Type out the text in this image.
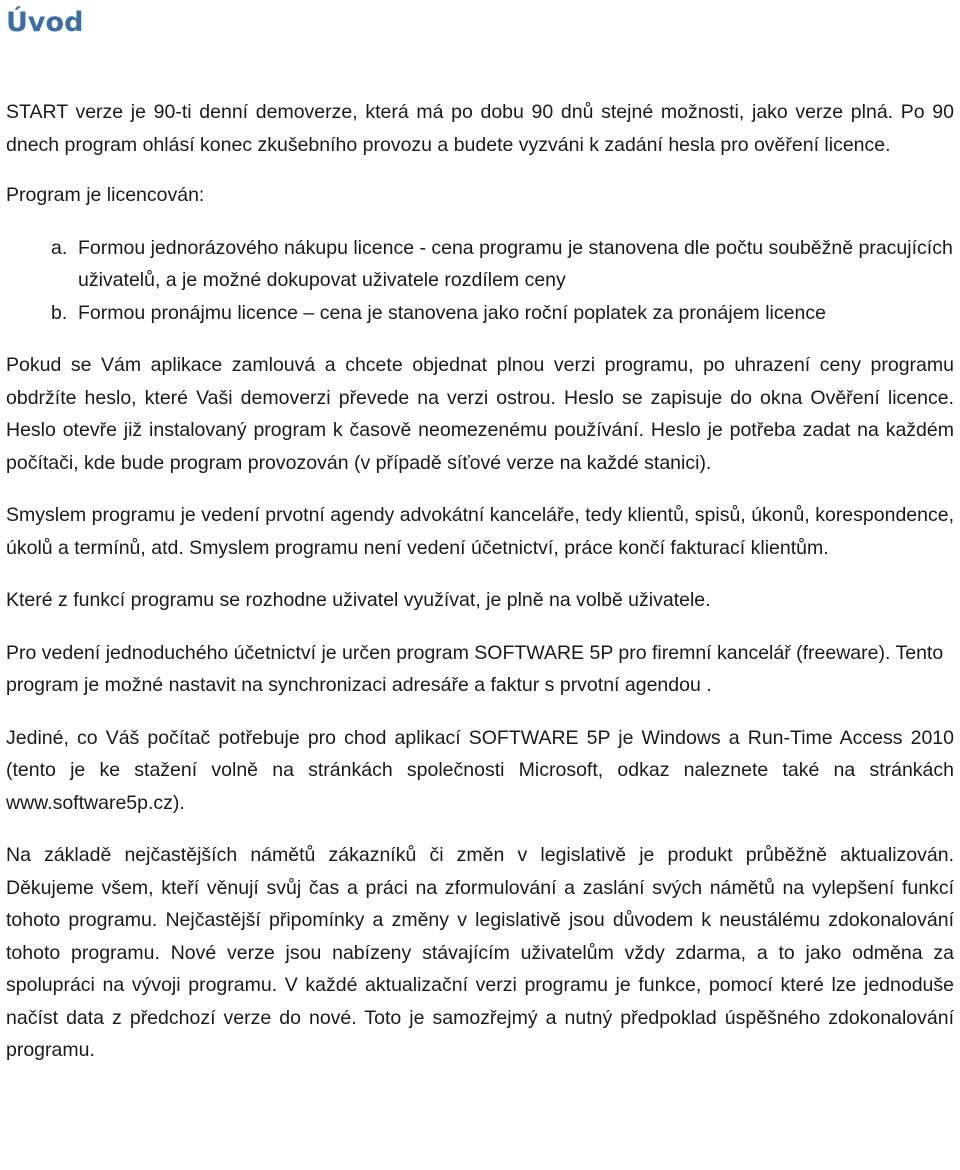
Úvod

START verze je 90-ti denní demoverze, která má po dobu 90 dnů stejné možnosti, jako verze plná. Po 90 dnech program ohlásí konec zkušebního provozu a budete vyzváni k zadání hesla pro ověření licence.

Program je licencován:

a. Formou jednorázového nákupu licence - cena programu je stanovena dle počtu souběžně pracujících uživatelů, a je možné dokupovat uživatele rozdílem ceny
b. Formou pronájmu licence – cena je stanovena jako roční poplatek za pronájem licence

Pokud se Vám aplikace zamlouvá a chcete objednat plnou verzi programu, po uhrazení ceny programu obdržíte heslo, které Vaši demoverzi převede na verzi ostrou. Heslo se zapisuje do okna Ověření licence. Heslo otevře již instalovaný program k časově neomezenému používání. Heslo je potřeba zadat na každém počítači, kde bude program provozován (v případě síťové verze na každé stanici).

Smyslem programu je vedení prvotní agendy advokátní kanceláře, tedy klientů, spisů, úkonů, korespondence, úkolů a termínů, atd. Smyslem programu není vedení účetnictví, práce končí fakturací klientům.

Které z funkcí programu se rozhodne uživatel využívat, je plně na volbě uživatele.

Pro vedení jednoduchého účetnictví je určen program SOFTWARE 5P pro firemní kancelář (freeware). Tento program je možné nastavit na synchronizaci adresáře a faktur s prvotní agendou .

Jediné, co Váš počítač potřebuje pro chod aplikací SOFTWARE 5P je Windows a Run-Time Access 2010 (tento je ke stažení volně na stránkách společnosti Microsoft, odkaz naleznete také na stránkách www.software5p.cz).

Na základě nejčastějších námětů zákazníků či změn v legislativě je produkt průběžně aktualizován. Děkujeme všem, kteří věnují svůj čas a práci na zformulování a zaslání svých námětů na vylepšení funkcí tohoto programu. Nejčastější připomínky a změny v legislativě jsou důvodem k neustálému zdokonalování tohoto programu. Nové verze jsou nabízeny stávajícím uživatelům vždy zdarma, a to jako odměna za spolupráci na vývoji programu. V každé aktualizační verzi programu je funkce, pomocí které lze jednoduše načíst data z předchozí verze do nové. Toto je samozřejmý a nutný předpoklad úspěšného zdokonalování programu.
